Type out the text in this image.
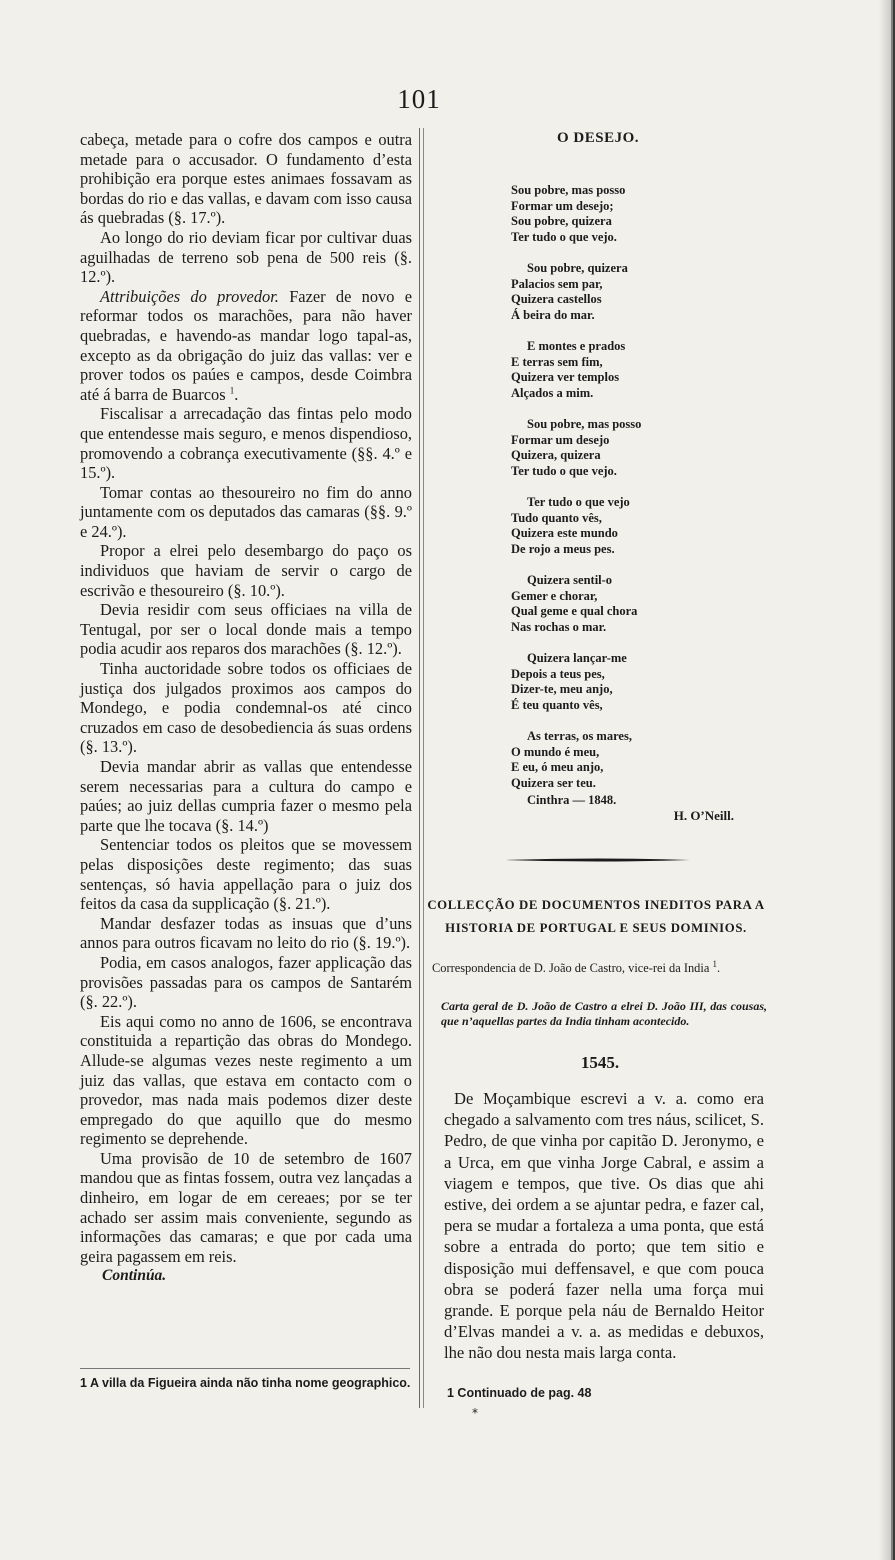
101

cabeça, metade para o cofre dos campos e outra metade para o accusador. O fundamento d’esta prohibição era porque estes animaes fossavam as bordas do rio e das vallas, e davam com isso causa ás quebradas (§. 17.º).

Ao longo do rio deviam ficar por cultivar duas aguilhadas de terreno sob pena de 500 reis (§. 12.º).

Attribuições do provedor. Fazer de novo e reformar todos os marachões, para não haver quebradas, e havendo-as mandar logo tapal-as, excepto as da obrigação do juiz das vallas: ver e prover todos os paúes e campos, desde Coimbra até á barra de Buarcos $^1$.

Fiscalisar a arrecadação das fintas pelo modo que entendesse mais seguro, e menos dispendioso, promovendo a cobrança executivamente (§§. 4.º e 15.º).

Tomar contas ao thesoureiro no fim do anno juntamente com os deputados das camaras (§§. 9.º e 24.º).

Propor a elrei pelo desembargo do paço os individuos que haviam de servir o cargo de escrivão e thesoureiro (§. 10.º).

Devia residir com seus officiaes na villa de Tentugal, por ser o local donde mais a tempo podia acudir aos reparos dos marachões (§. 12.º).

Tinha auctoridade sobre todos os officiaes de justiça dos julgados proximos aos campos do Mondego, e podia condemnal-os até cinco cruzados em caso de desobediencia ás suas ordens (§. 13.º).

Devia mandar abrir as vallas que entendesse serem necessarias para a cultura do campo e paúes; ao juiz dellas cumpria fazer o mesmo pela parte que lhe tocava (§. 14.º)

Sentenciar todos os pleitos que se movessem pelas disposições deste regimento; das suas sentenças, só havia appellação para o juiz dos feitos da casa da supplicação (§. 21.º).

Mandar desfazer todas as insuas que d’uns annos para outros ficavam no leito do rio (§. 19.º).

Podia, em casos analogos, fazer applicação das provisões passadas para os campos de Santarém (§. 22.º).

Eis aqui como no anno de 1606, se encontrava constituida a repartição das obras do Mondego. Allude-se algumas vezes neste regimento a um juiz das vallas, que estava em contacto com o provedor, mas nada mais podemos dizer deste empregado do que aquillo que do mesmo regimento se deprehende.

Uma provisão de 10 de setembro de 1607 mandou que as fintas fossem, outra vez lançadas a dinheiro, em logar de em cereaes; por se ter achado ser assim mais conveniente, segundo as informações das camaras; e que por cada uma geira pagassem em reis.

Continúa.
1 A villa da Figueira ainda não tinha nome geographico.
O DESEJO.
Sou pobre, mas posso
Formar um desejo;
Sou pobre, quizera
Ter tudo o que vejo.
Sou pobre, quizera
Palacios sem par,
Quizera castellos
Á beira do mar.
E montes e prados
E terras sem fim,
Quizera ver templos
Alçados a mim.
Sou pobre, mas posso
Formar um desejo
Quizera, quizera
Ter tudo o que vejo.
Ter tudo o que vejo
Tudo quanto vês,
Quizera este mundo
De rojo a meus pes.
Quizera sentil-o
Gemer e chorar,
Qual geme e qual chora
Nas rochas o mar.
Quizera lançar-me
Depois a teus pes,
Dizer-te, meu anjo,
É teu quanto vês,
As terras, os mares,
O mundo é meu,
E eu, ó meu anjo,
Quizera ser teu.
Cinthra — 1848.
H. O’Neill.
COLLECÇÃO DE DOCUMENTOS INEDITOS PARA A
HISTORIA DE PORTUGAL E SEUS DOMINIOS.
Correspondencia de D. João de Castro, vice-rei da India $^1$.
Carta geral de D. João de Castro a elrei D. João III, das cousas, que n’aquellas partes da India tinham acontecido.
1545.

De Moçambique escrevi a v. a. como era chegado a salvamento com tres náus, scilicet, S. Pedro, de que vinha por capitão D. Jeronymo, e a Urca, em que vinha Jorge Cabral, e assim a viagem e tempos, que tive. Os dias que ahi estive, dei ordem a se ajuntar pedra, e fazer cal, pera se mudar a fortaleza a uma ponta, que está sobre a entrada do porto; que tem sitio e disposição mui deffensavel, e que com pouca obra se poderá fazer nella uma força mui grande. E porque pela náu de Bernaldo Heitor d’Elvas mandei a v. a. as medidas e debuxos, lhe não dou nesta mais larga conta.

1 Continuado de pag. 48
*
